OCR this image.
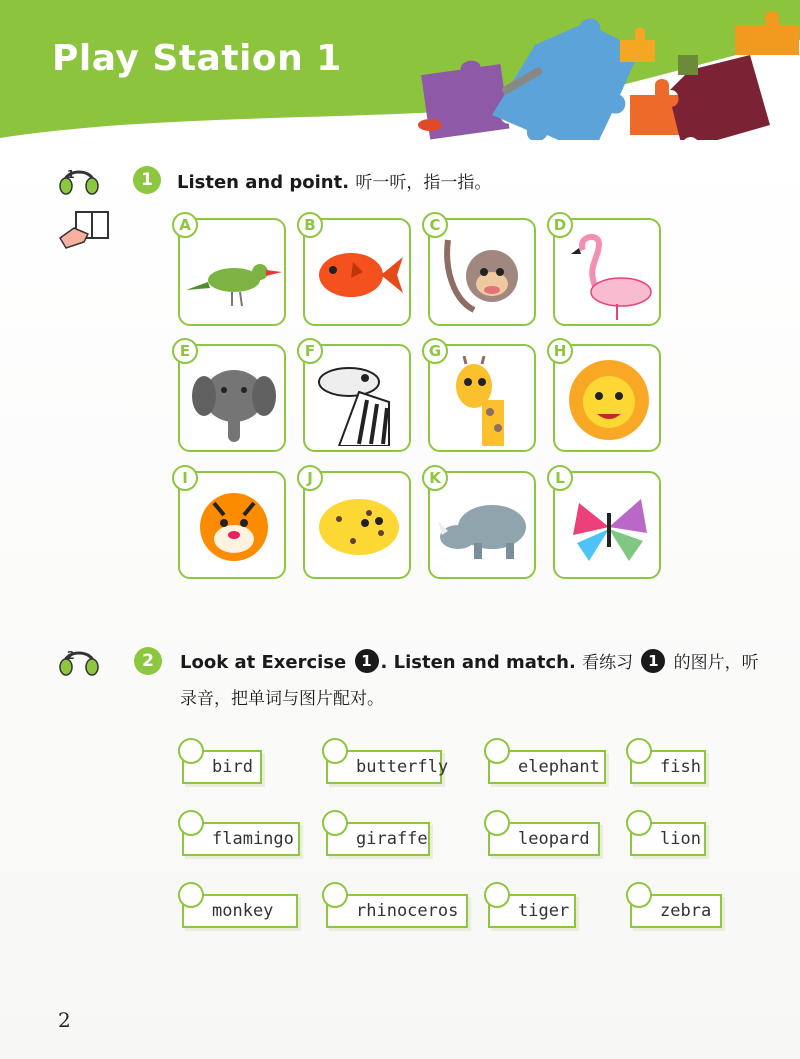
Play Station 1
1	1	Listen and point. 听一听，指一指。
A	B	C	D
E	F	G	H
I	J	K	L
2	2	Look at Exercise 1 . Listen and match. 看练习 1 的图片，听
录音，把单词与图片配对。
bird	butterfly	elephant	fish
flamingo	giraffe	leopard	lion
monkey	rhinoceros	tiger	zebra
2
